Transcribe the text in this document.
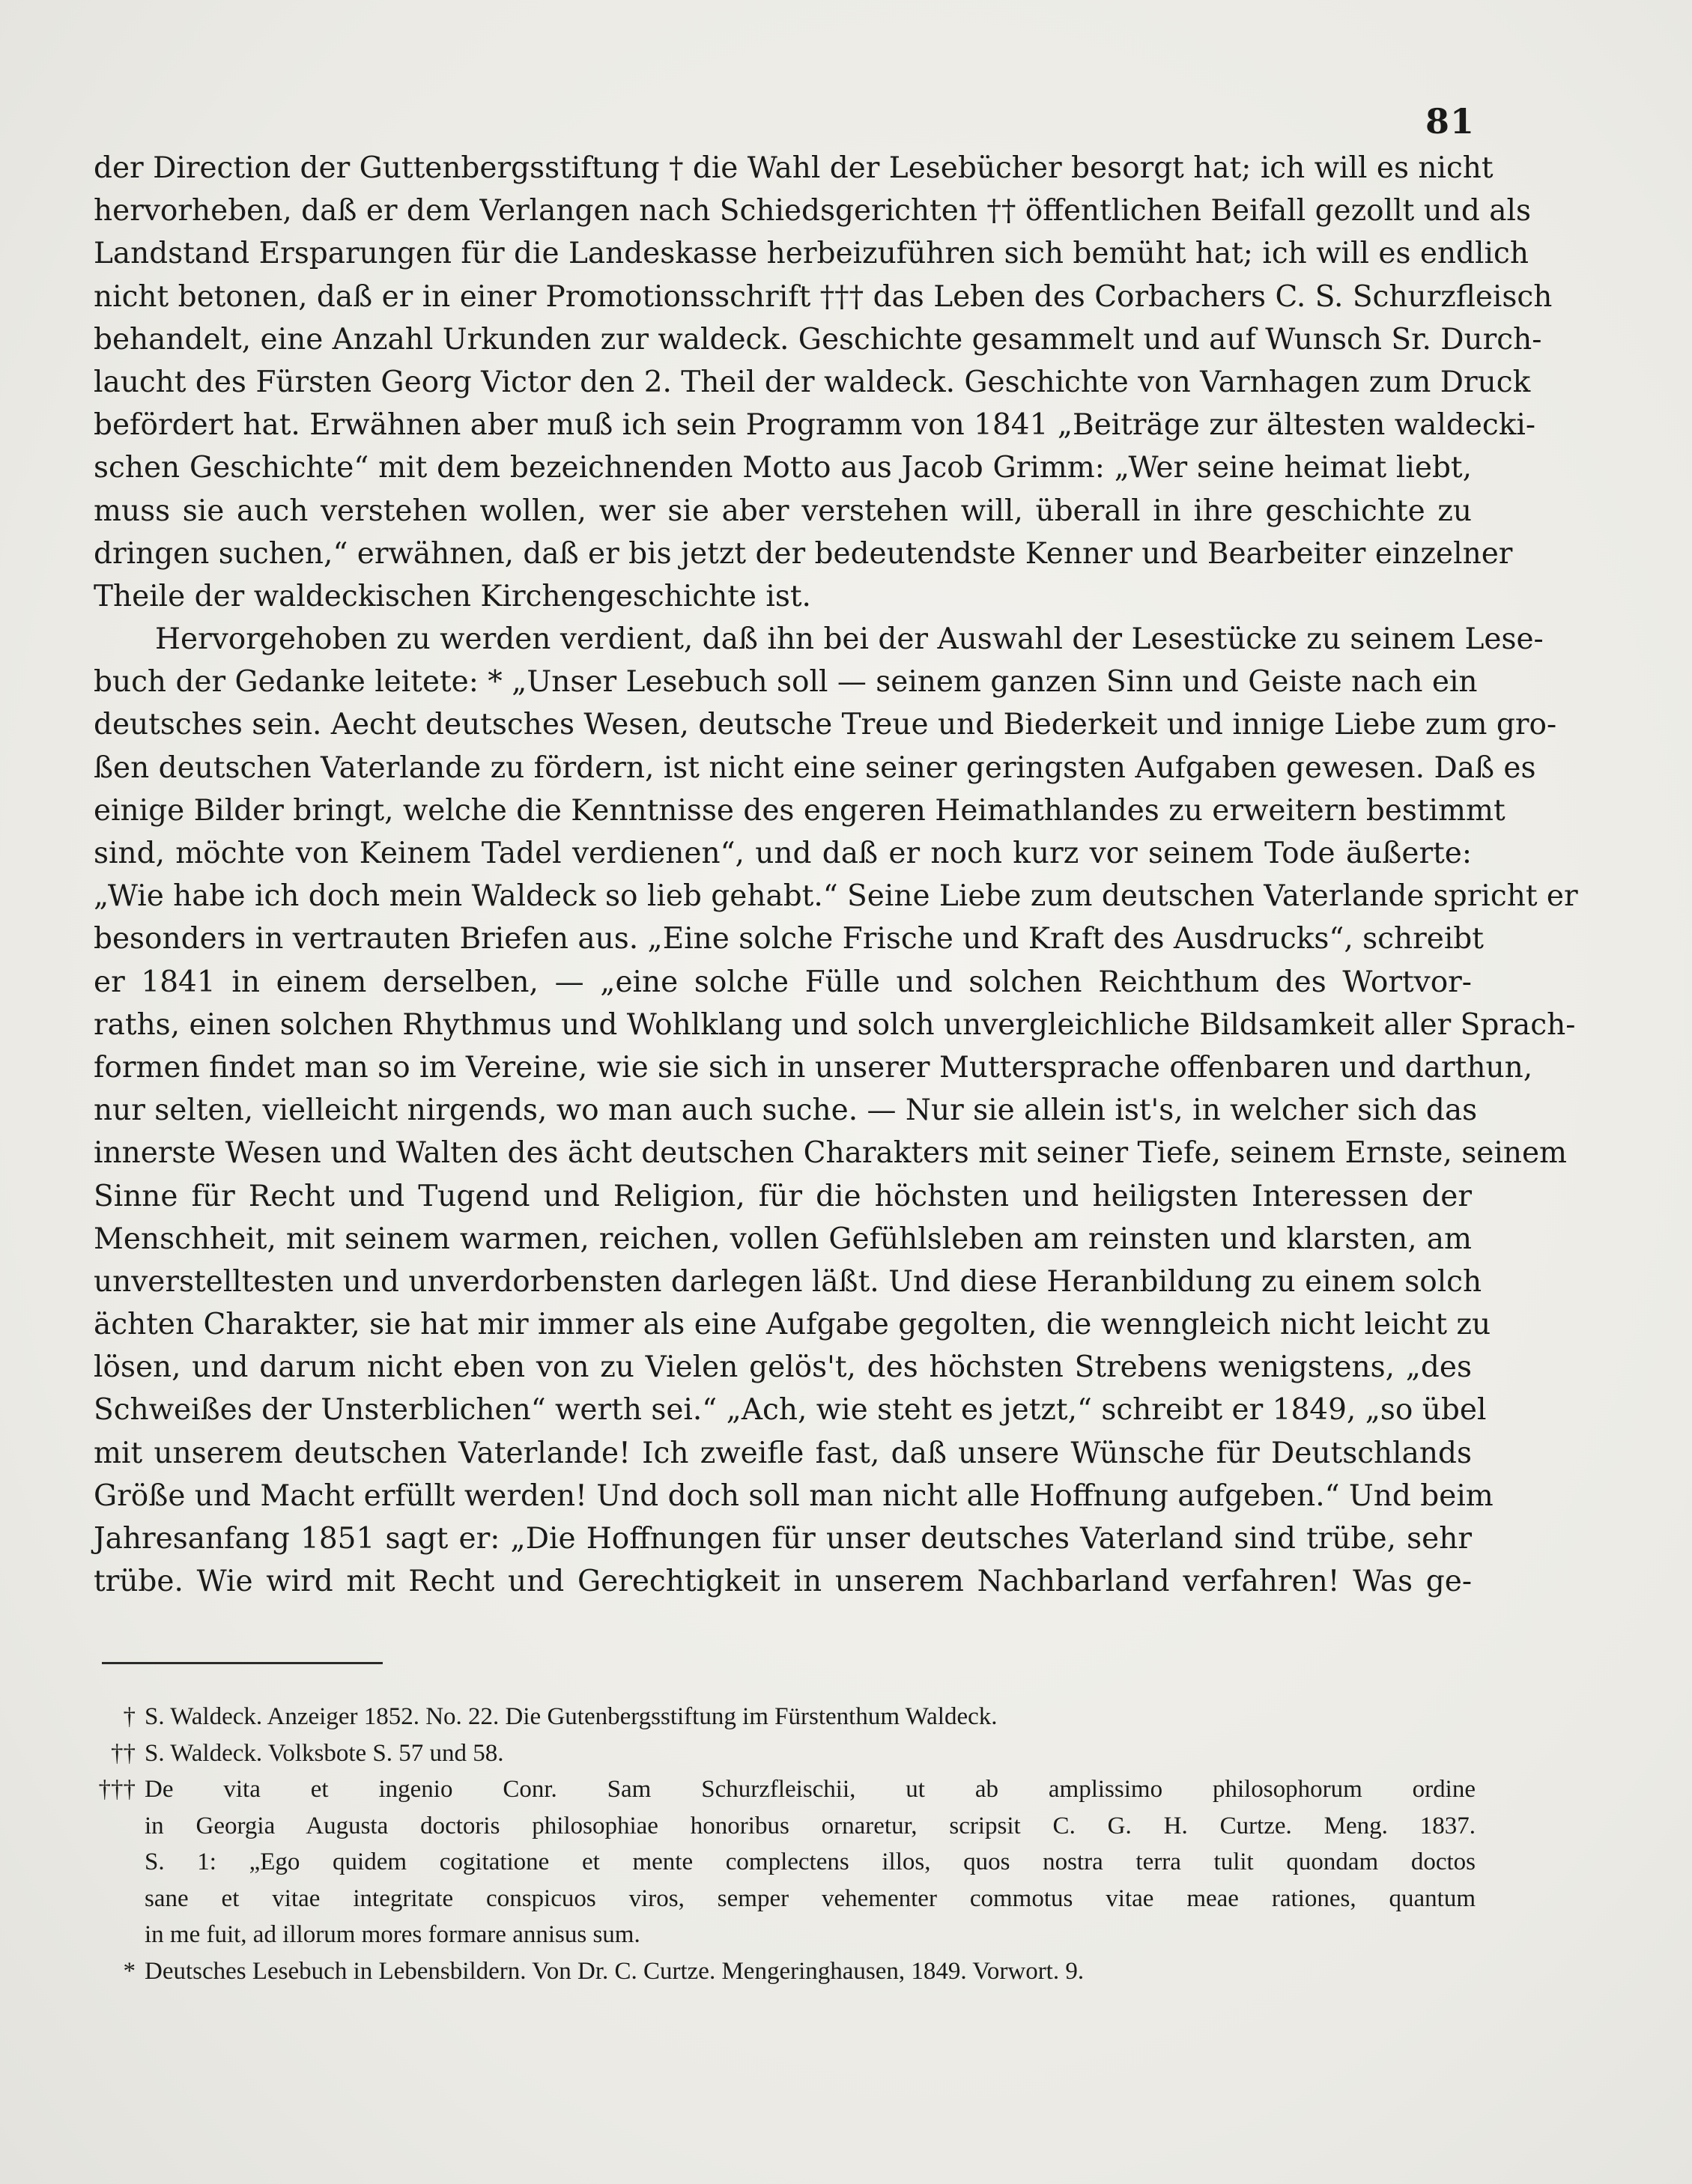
81
der Direction der Guttenbergsstiftung † die Wahl der Lesebücher besorgt hat; ich will es nicht
hervorheben, daß er dem Verlangen nach Schiedsgerichten †† öffentlichen Beifall gezollt und als
Landstand Ersparungen für die Landeskasse herbeizuführen sich bemüht hat; ich will es endlich
nicht betonen, daß er in einer Promotionsschrift ††† das Leben des Corbachers C. S. Schurzfleisch
behandelt, eine Anzahl Urkunden zur waldeck. Geschichte gesammelt und auf Wunsch Sr. Durch-
laucht des Fürsten Georg Victor den 2. Theil der waldeck. Geschichte von Varnhagen zum Druck
befördert hat. Erwähnen aber muß ich sein Programm von 1841 „Beiträge zur ältesten waldecki-
schen Geschichte“ mit dem bezeichnenden Motto aus Jacob Grimm: „Wer seine heimat liebt,
muss sie auch verstehen wollen, wer sie aber verstehen will, überall in ihre geschichte zu
dringen suchen,“ erwähnen, daß er bis jetzt der bedeutendste Kenner und Bearbeiter einzelner
Theile der waldeckischen Kirchengeschichte ist.
Hervorgehoben zu werden verdient, daß ihn bei der Auswahl der Lesestücke zu seinem Lese-
buch der Gedanke leitete: * „Unser Lesebuch soll — seinem ganzen Sinn und Geiste nach ein
deutsches sein. Aecht deutsches Wesen, deutsche Treue und Biederkeit und innige Liebe zum gro-
ßen deutschen Vaterlande zu fördern, ist nicht eine seiner geringsten Aufgaben gewesen. Daß es
einige Bilder bringt, welche die Kenntnisse des engeren Heimathlandes zu erweitern bestimmt
sind, möchte von Keinem Tadel verdienen“, und daß er noch kurz vor seinem Tode äußerte:
„Wie habe ich doch mein Waldeck so lieb gehabt.“ Seine Liebe zum deutschen Vaterlande spricht er
besonders in vertrauten Briefen aus. „Eine solche Frische und Kraft des Ausdrucks“, schreibt
er 1841 in einem derselben, — „eine solche Fülle und solchen Reichthum des Wortvor-
raths, einen solchen Rhythmus und Wohlklang und solch unvergleichliche Bildsamkeit aller Sprach-
formen findet man so im Vereine, wie sie sich in unserer Muttersprache offenbaren und darthun,
nur selten, vielleicht nirgends, wo man auch suche. — Nur sie allein ist's, in welcher sich das
innerste Wesen und Walten des ächt deutschen Charakters mit seiner Tiefe, seinem Ernste, seinem
Sinne für Recht und Tugend und Religion, für die höchsten und heiligsten Interessen der
Menschheit, mit seinem warmen, reichen, vollen Gefühlsleben am reinsten und klarsten, am
unverstelltesten und unverdorbensten darlegen läßt. Und diese Heranbildung zu einem solch
ächten Charakter, sie hat mir immer als eine Aufgabe gegolten, die wenngleich nicht leicht zu
lösen, und darum nicht eben von zu Vielen gelös't, des höchsten Strebens wenigstens, „des
Schweißes der Unsterblichen“ werth sei.“ „Ach, wie steht es jetzt,“ schreibt er 1849, „so übel
mit unserem deutschen Vaterlande! Ich zweifle fast, daß unsere Wünsche für Deutschlands
Größe und Macht erfüllt werden! Und doch soll man nicht alle Hoffnung aufgeben.“ Und beim
Jahresanfang 1851 sagt er: „Die Hoffnungen für unser deutsches Vaterland sind trübe, sehr
trübe. Wie wird mit Recht und Gerechtigkeit in unserem Nachbarland verfahren! Was ge-
† S. Waldeck. Anzeiger 1852. No. 22. Die Gutenbergsstiftung im Fürstenthum Waldeck.
†† S. Waldeck. Volksbote S. 57 und 58.
††† De vita et ingenio Conr. Sam Schurzfleischii, ut ab amplissimo philosophorum ordine
in Georgia Augusta doctoris philosophiae honoribus ornaretur, scripsit C. G. H. Curtze. Meng. 1837.
S. 1: „Ego quidem cogitatione et mente complectens illos, quos nostra terra tulit quondam doctos
sane et vitae integritate conspicuos viros, semper vehementer commotus vitae meae rationes, quantum
in me fuit, ad illorum mores formare annisus sum.
* Deutsches Lesebuch in Lebensbildern. Von Dr. C. Curtze. Mengeringhausen, 1849. Vorwort. 9.
